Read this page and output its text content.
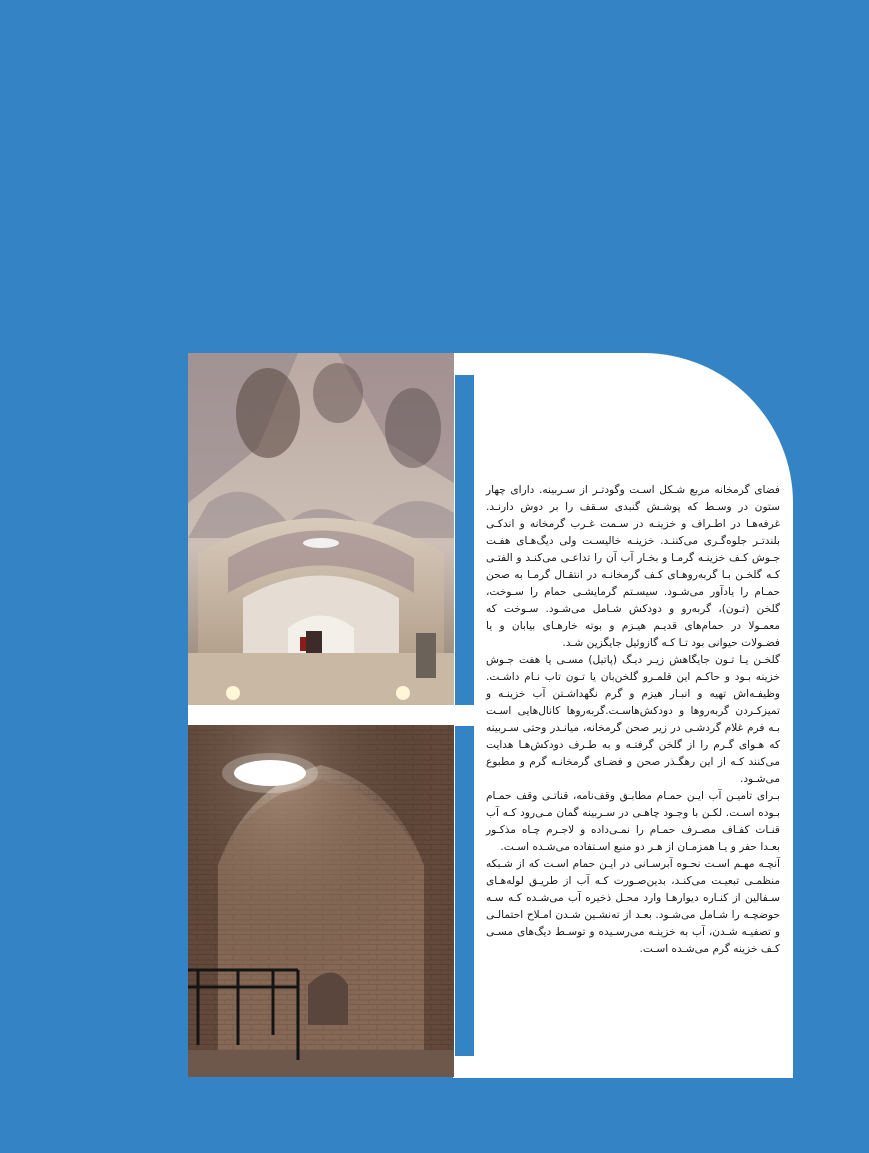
فضای گرمخانه مربع شـکل اسـت وگودتـر از سـربینه. دارای چهار ستون در وسـط که پوشـش گنبدی سـقف را بر دوش دارنـد. غرفه‌هـا در اطـراف و خزینـه در سـمت غـرب گرمخانه و اندکـی بلندتـر جلوه‌گـری می‌کننـد. خزینـه خالیسـت ولی دیگ‌هـای هفـت جـوش کـف خزینـه گرمـا و بخـار آب آن را تداعـی می‌کنـد و الفتـی کـه گلخـن بـا گربه‌روهـای کـف گرمخانـه در انتقـال گرمـا به صحن حمـام را یادآور می‌شـود. سیسـتم گرمایشـی حمام را سـوخت، گلخن (تـون)، گربه‌رو و دودکش شـامل می‌شـود. سـوخت که معمـولا در حمام‌های قدیـم هیـزم و بوته خارهـای بیابان و یا فضـولات حیوانی بود تـا کـه گازوئیل جایگزین شـد.

گلخـن یـا تـون جایگاهش زیـر دیـگ (پاتیل) مسـی یا هفت جـوش خزینه بـود و حاکـم این قلمـرو گلخن‌بان یا تـون تاب نـام داشـت. وظیفـه‌اش تهیه و انبـار هیزم و گرم نگهداشـتن آب خزینـه و تمیزکـردن گربه‌روها و دودکش‌هاسـت.گربه‌روها کانال‌هایی اسـت بـه فرم غلام گردشـی در زیر صحن گرمخانه، میانـدر وحتی سـربینه که هـوای گـرم را از گلخن گرفتـه و به طـرف دودکش‌هـا هدایت می‌کنند کـه از این رهگـذر صحن و فضـای گرمخانـه گرم و مطبوع می‌شـود.

بـرای تامیـن آب ایـن حمـام مطابـق وقف‌نامه، قناتـی وقف حمـام بـوده اسـت. لکـن با وجـود چاهـی در سـربینه گمان مـی‌رود کـه آب قنـات کفـاف مصـرف حمـام را نمـی‌داده و لاجـرم چـاه مذکـور بعـدا حفر و یـا همزمـان از هـر دو منبع اسـتفاده می‌شـده اسـت.

آنچـه مهـم اسـت نحـوه آبرسـانی در ایـن حمام اسـت که از شـبکه منظمـی تبعیـت می‌کنـد، بدین‌صـورت کـه آب از طریـق لوله‌هـای سـفالین از کنـاره دیوارهـا وارد محـل ذخیره آب می‌شـده کـه سـه حوضچـه را شـامل می‌شـود. بعـد از ته‌نشـین شـدن امـلاح احتمالـی و تصفیـه شـدن، آب به خزینـه می‌رسـیده و توسـط دیگ‌های مسـی کـف خزینه گرم می‌شـده اسـت.
